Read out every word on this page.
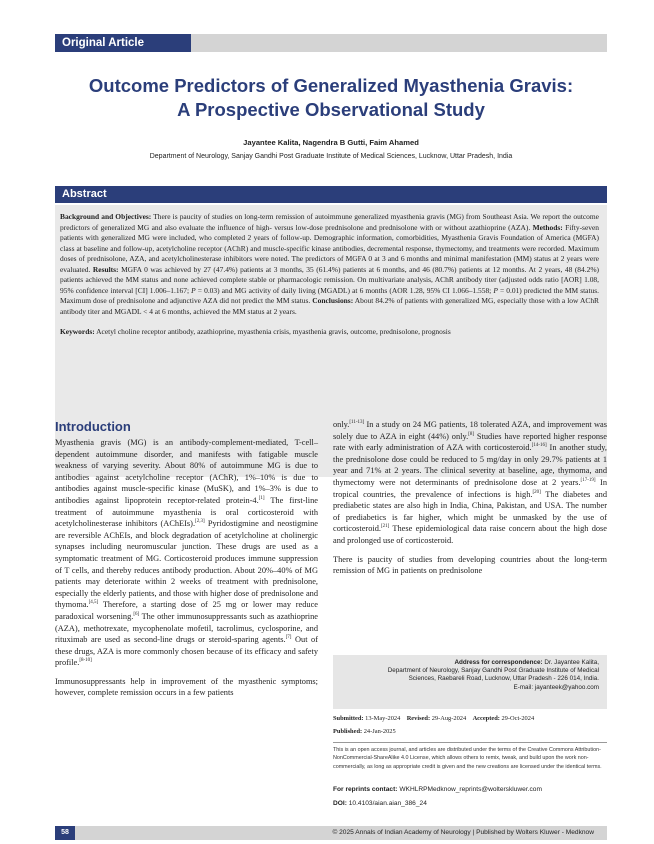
Original Article
Outcome Predictors of Generalized Myasthenia Gravis:
A Prospective Observational Study
Jayantee Kalita, Nagendra B Gutti, Faim Ahamed
Department of Neurology, Sanjay Gandhi Post Graduate Institute of Medical Sciences, Lucknow, Uttar Pradesh, India
Abstract
Background and Objectives: There is paucity of studies on long-term remission of autoimmune generalized myasthenia gravis (MG) from Southeast Asia. We report the outcome predictors of generalized MG and also evaluate the influence of high- versus low-dose prednisolone and prednisolone with or without azathioprine (AZA). Methods: Fifty-seven patients with generalized MG were included, who completed 2 years of follow-up. Demographic information, comorbidities, Myasthenia Gravis Foundation of America (MGFA) class at baseline and follow-up, acetylcholine receptor (AChR) and muscle-specific kinase antibodies, decremental response, thymectomy, and treatments were recorded. Maximum doses of prednisolone, AZA, and acetylcholinesterase inhibitors were noted. The predictors of MGFA 0 at 3 and 6 months and minimal manifestation (MM) status at 2 years were evaluated. Results: MGFA 0 was achieved by 27 (47.4%) patients at 3 months, 35 (61.4%) patients at 6 months, and 46 (80.7%) patients at 12 months. At 2 years, 48 (84.2%) patients achieved the MM status and none achieved complete stable or pharmacologic remission. On multivariate analysis, AChR antibody titer (adjusted odds ratio [AOR] 1.08, 95% confidence interval [CI] 1.006–1.167; P = 0.03) and MG activity of daily living (MGADL) at 6 months (AOR 1.28, 95% CI 1.066–1.558; P = 0.01) predicted the MM status. Maximum dose of prednisolone and adjunctive AZA did not predict the MM status. Conclusions: About 84.2% of patients with generalized MG, especially those with a low AChR antibody titer and MGADL < 4 at 6 months, achieved the MM status at 2 years.
Keywords: Acetyl choline receptor antibody, azathioprine, myasthenia crisis, myasthenia gravis, outcome, prednisolone, prognosis
Introduction

Myasthenia gravis (MG) is an antibody-complement-mediated, T-cell–dependent autoimmune disorder, and manifests with fatigable muscle weakness of varying severity. About 80% of autoimmune MG is due to antibodies against acetylcholine receptor (AChR), 1%–10% is due to antibodies against muscle-specific kinase (MuSK), and 1%–3% is due to antibodies against lipoprotein receptor-related protein-4.[1] The first-line treatment of autoimmune myasthenia is oral corticosteroid with acetylcholinesterase inhibitors (AChEIs).[2,3] Pyridostigmine and neostigmine are reversible AChEIs, and block degradation of acetylcholine at cholinergic synapses including neuromuscular junction. These drugs are used as a symptomatic treatment of MG. Corticosteroid produces immune suppression of T cells, and thereby reduces antibody production. About 20%–40% of MG patients may deteriorate within 2 weeks of treatment with prednisolone, especially the elderly patients, and those with higher dose of prednisolone and thymoma.[4,5] Therefore, a starting dose of 25 mg or lower may reduce paradoxical worsening.[6] The other immunosuppressants such as azathioprine (AZA), methotrexate, mycophenolate mofetil, tacrolimus, cyclosporine, and rituximab are used as second-line drugs or steroid-sparing agents.[7] Out of these drugs, AZA is more commonly chosen because of its efficacy and safety profile.[8-10]

Immunosuppressants help in improvement of the myasthenic symptoms; however, complete remission occurs in a few patients

only.[11-13] In a study on 24 MG patients, 18 tolerated AZA, and improvement was solely due to AZA in eight (44%) only.[8] Studies have reported higher response rate with early administration of AZA with corticosteroid.[14-16] In another study, the prednisolone dose could be reduced to 5 mg/day in only 29.7% patients at 1 year and 71% at 2 years. The clinical severity at baseline, age, thymoma, and thymectomy were not determinants of prednisolone dose at 2 years.[17-19] In tropical countries, the prevalence of infections is high.[20] The diabetes and prediabetic states are also high in India, China, Pakistan, and USA. The number of prediabetics is far higher, which might be unmasked by the use of corticosteroid.[21] These epidemiological data raise concern about the high dose and prolonged use of corticosteroid.

There is paucity of studies from developing countries about the long-term remission of MG in patients on prednisolone

Address for correspondence: Dr. Jayantee Kalita,
Department of Neurology, Sanjay Gandhi Post Graduate Institute of Medical
Sciences, Raebareli Road, Lucknow, Uttar Pradesh - 226 014, India.
E-mail: jayanteek@yahoo.com
Submitted: 13-May-2024 Revised: 29-Aug-2024 Accepted: 29-Oct-2024
Published: 24-Jan-2025
This is an open access journal, and articles are distributed under the terms of the Creative Commons Attribution-NonCommercial-ShareAlike 4.0 License, which allows others to remix, tweak, and build upon the work non-commercially, as long as appropriate credit is given and the new creations are licensed under the identical terms.
For reprints contact: WKHLRPMedknow_reprints@wolterskluwer.com
DOI: 10.4103/aian.aian_386_24
58	© 2025 Annals of Indian Academy of Neurology | Published by Wolters Kluwer - Medknow
